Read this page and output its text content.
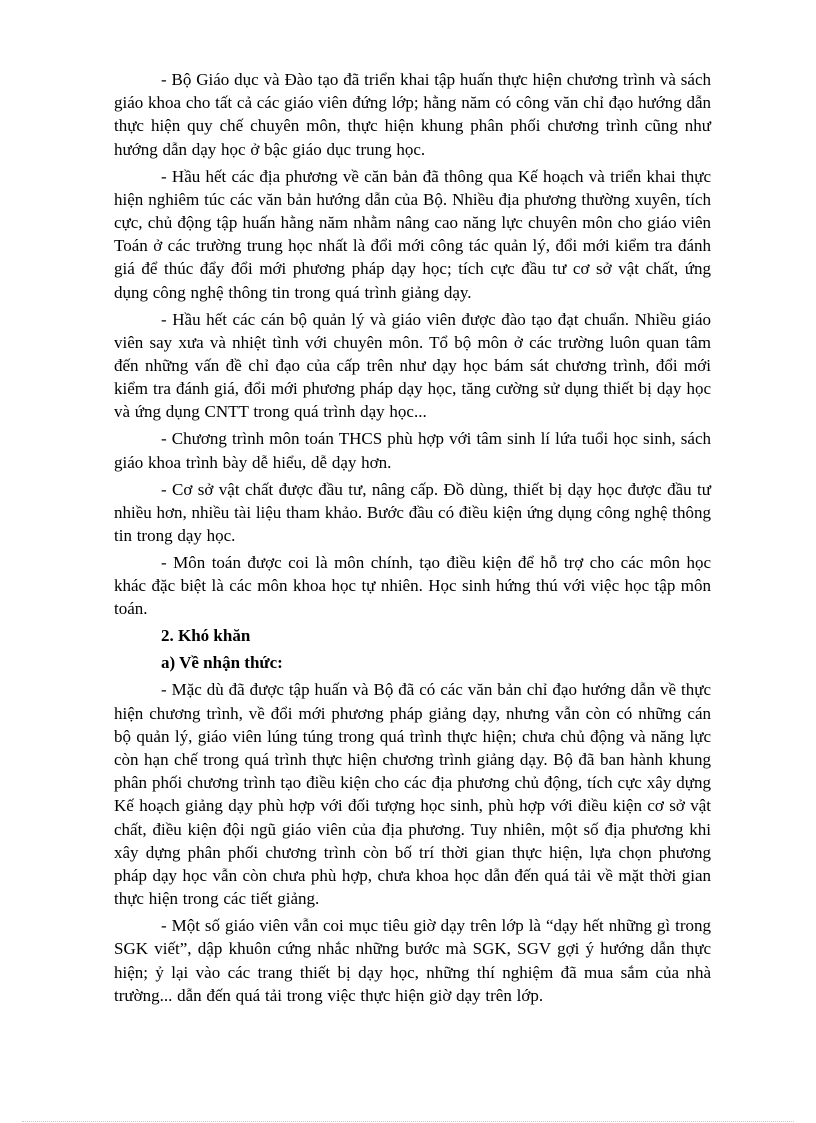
- Bộ Giáo dục và Đào tạo đã triển khai tập huấn thực hiện chương trình và sách giáo khoa cho tất cả các giáo viên đứng lớp; hằng năm có công văn chỉ đạo hướng dẫn thực hiện quy chế chuyên môn, thực hiện khung phân phối chương trình cũng như hướng dẫn dạy học ở bậc giáo dục trung học.

- Hầu hết các địa phương về căn bản đã thông qua Kế hoạch và triển khai thực hiện nghiêm túc các văn bản hướng dẫn của Bộ. Nhiều địa phương thường xuyên, tích cực, chủ động tập huấn hằng năm nhằm nâng cao năng lực chuyên môn cho giáo viên Toán ở các trường trung học nhất là đổi mới công tác quản lý, đổi mới kiểm tra đánh giá để thúc đẩy đổi mới phương pháp dạy học; tích cực đầu tư cơ sở vật chất, ứng dụng công nghệ thông tin trong quá trình giảng dạy.

- Hầu hết các cán bộ quản lý và giáo viên được đào tạo đạt chuẩn. Nhiều giáo viên say xưa và nhiệt tình với chuyên môn. Tổ bộ môn ở các trường luôn quan tâm đến những vấn đề chỉ đạo của cấp trên như dạy học bám sát chương trình, đổi mới kiểm tra đánh giá, đổi mới phương pháp dạy học, tăng cường sử dụng thiết bị dạy học và ứng dụng CNTT trong quá trình dạy học...

- Chương trình môn toán THCS phù hợp với tâm sinh lí lứa tuổi học sinh, sách giáo khoa trình bày dễ hiểu, dễ dạy hơn.

- Cơ sở vật chất được đầu tư, nâng cấp. Đồ dùng, thiết bị dạy học được đầu tư nhiều hơn, nhiều tài liệu tham khảo. Bước đầu có điều kiện ứng dụng công nghệ thông tin trong dạy học.

- Môn toán được coi là môn chính, tạo điều kiện để hỗ trợ cho các môn học khác đặc biệt là các môn khoa học tự nhiên. Học sinh hứng thú với việc học tập môn toán.

2. Khó khăn

a) Về nhận thức:

- Mặc dù đã được tập huấn và Bộ đã có các văn bản chỉ đạo hướng dẫn về thực hiện chương trình, về đổi mới phương pháp giảng dạy, nhưng vẫn còn có những cán bộ quản lý, giáo viên lúng túng trong quá trình thực hiện; chưa chủ động và năng lực còn hạn chế trong quá trình thực hiện chương trình giảng dạy. Bộ đã ban hành khung phân phối chương trình tạo điều kiện cho các địa phương chủ động, tích cực xây dựng Kế hoạch giảng dạy phù hợp với đối tượng học sinh, phù hợp với điều kiện cơ sở vật chất, điều kiện đội ngũ giáo viên của địa phương. Tuy nhiên, một số địa phương khi xây dựng phân phối chương trình còn bố trí thời gian thực hiện, lựa chọn phương pháp dạy học vẫn còn chưa phù hợp, chưa khoa học dẫn đến quá tải về mặt thời gian thực hiện trong các tiết giảng.

- Một số giáo viên vẫn coi mục tiêu giờ dạy trên lớp là “dạy hết những gì trong SGK viết”, dập khuôn cứng nhắc những bước mà SGK, SGV gợi ý hướng dẫn thực hiện; ỷ lại vào các trang thiết bị dạy học, những thí nghiệm đã mua sắm của nhà trường... dẫn đến quá tải trong việc thực hiện giờ dạy trên lớp.
